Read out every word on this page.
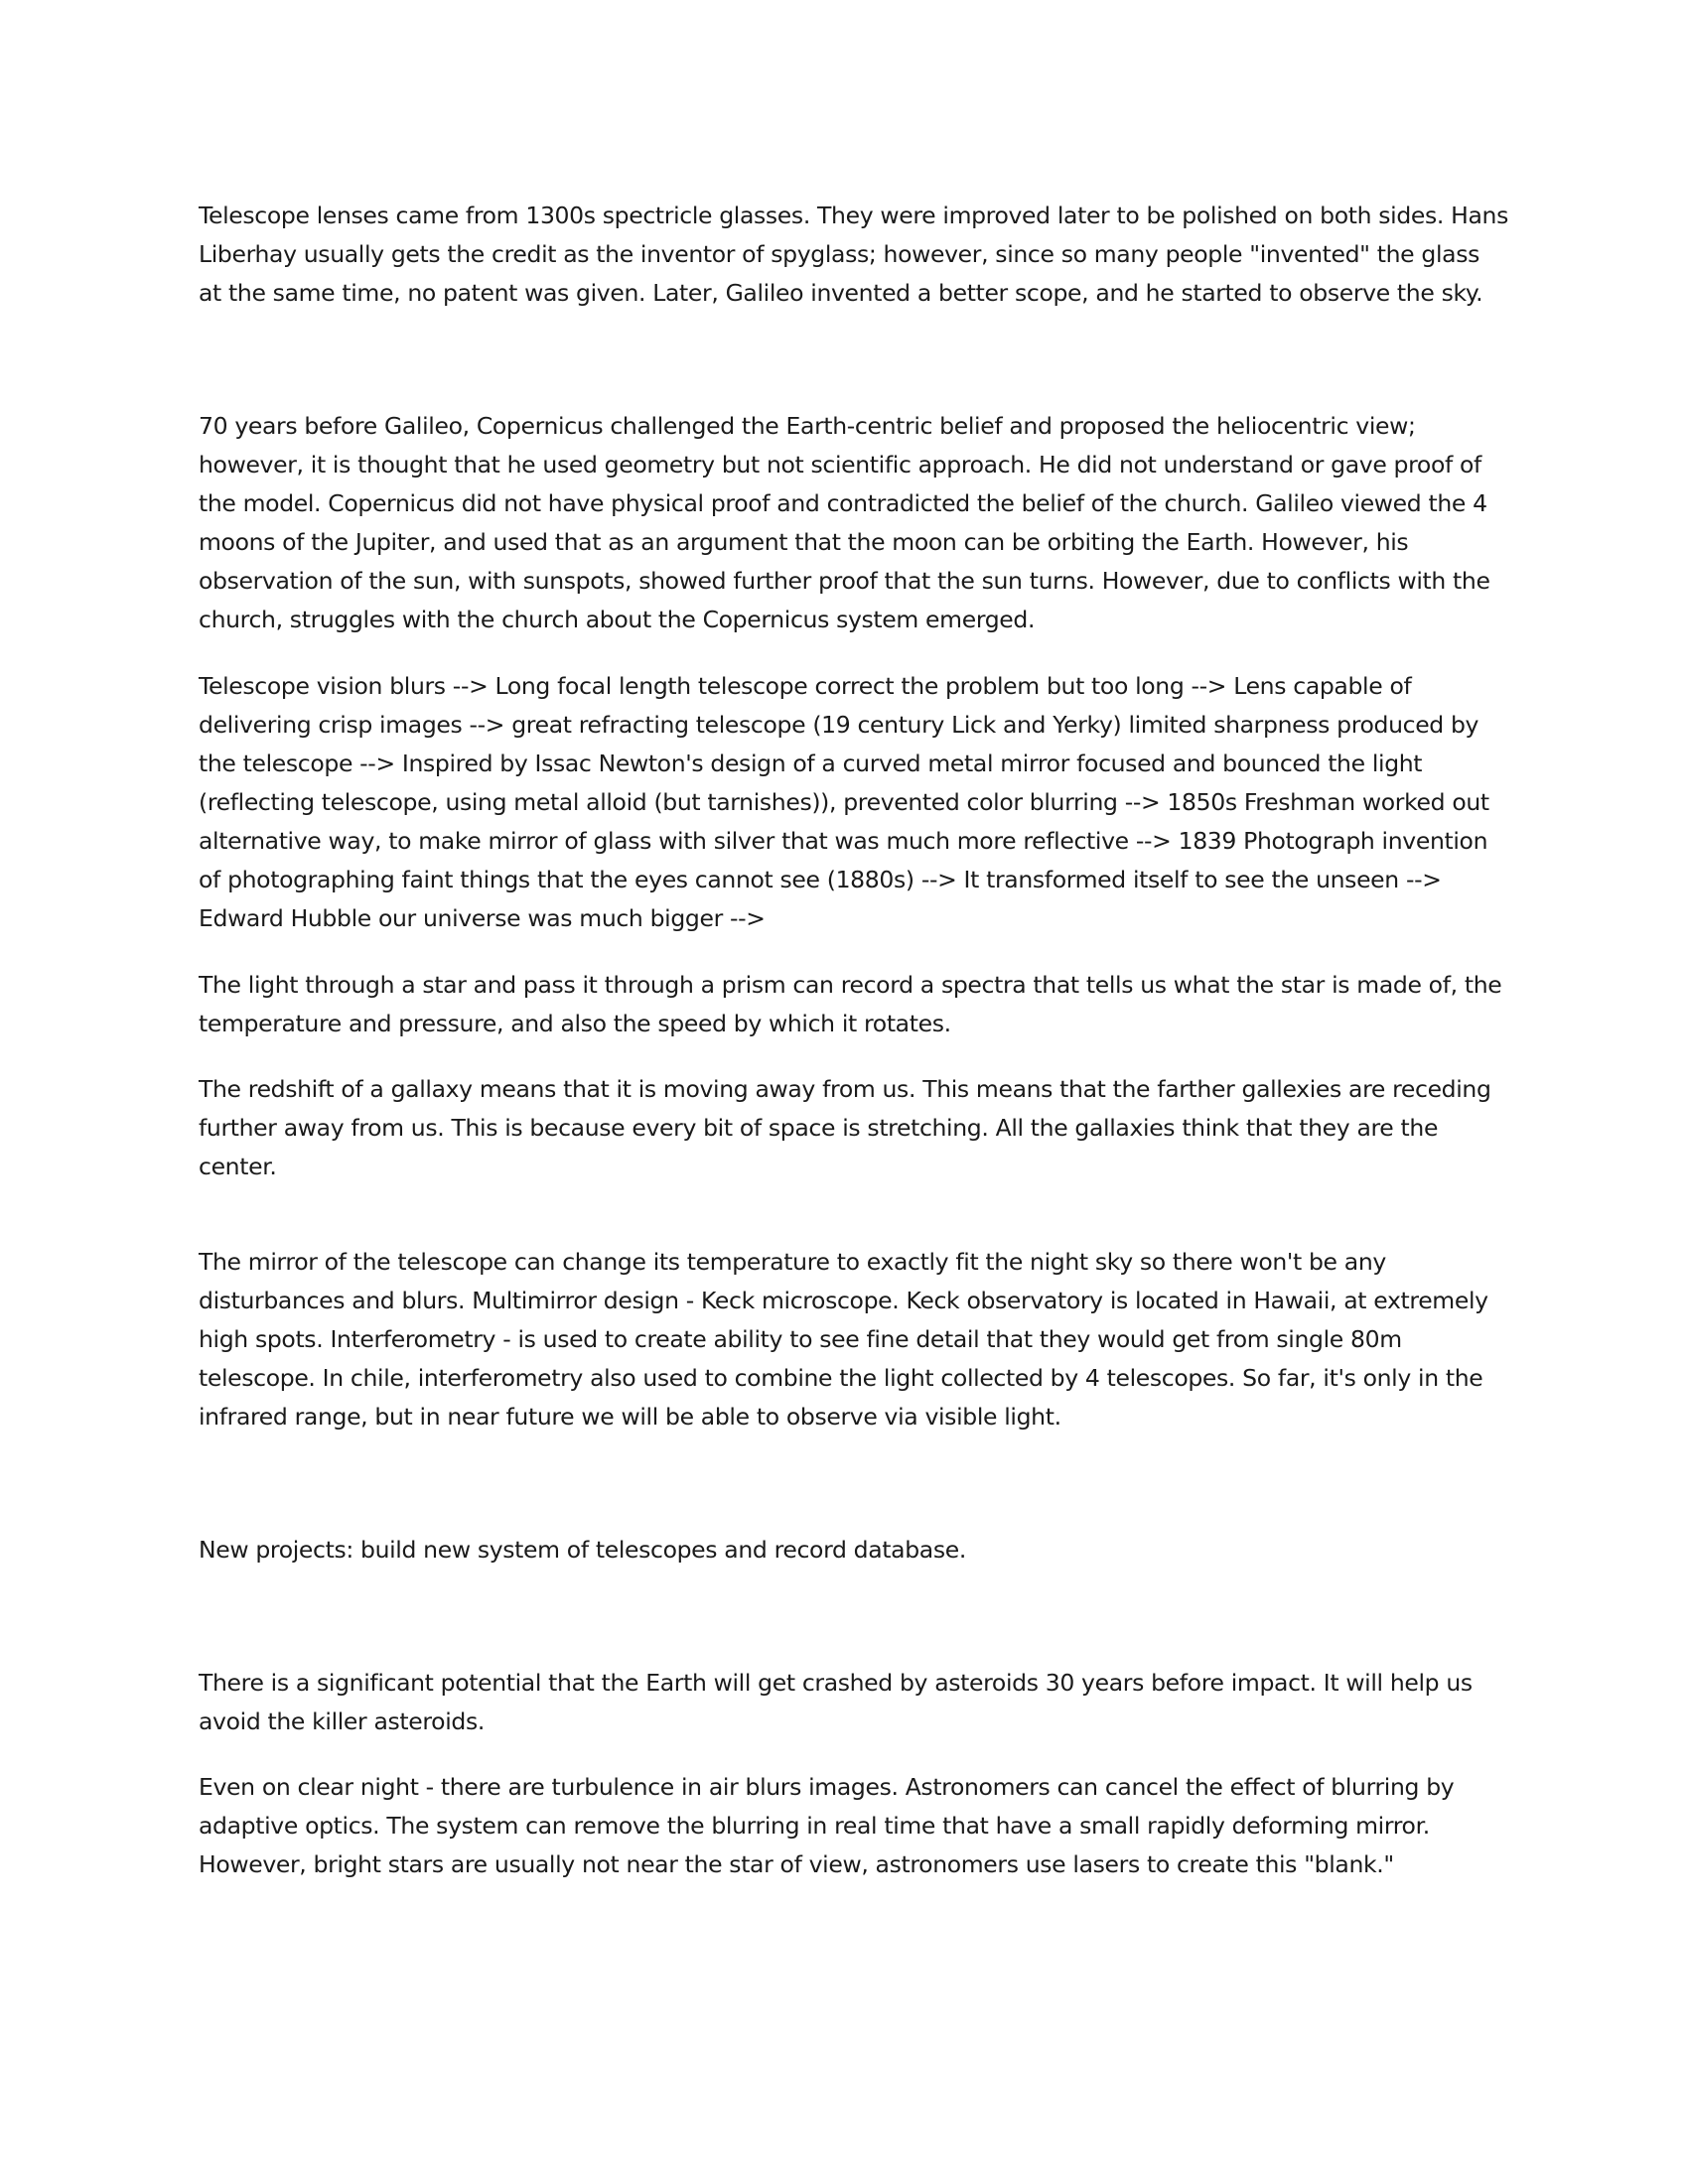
Telescope lenses came from 1300s spectricle glasses. They were improved later to be polished on both sides. Hans Liberhay usually gets the credit as the inventor of spyglass; however, since so many people "invented" the glass at the same time, no patent was given. Later, Galileo invented a better scope, and he started to observe the sky.

70 years before Galileo, Copernicus challenged the Earth-centric belief and proposed the heliocentric view; however, it is thought that he used geometry but not scientific approach. He did not understand or gave proof of the model. Copernicus did not have physical proof and contradicted the belief of the church. Galileo viewed the 4 moons of the Jupiter, and used that as an argument that the moon can be orbiting the Earth. However, his observation of the sun, with sunspots, showed further proof that the sun turns. However, due to conflicts with the church, struggles with the church about the Copernicus system emerged.

Telescope vision blurs --> Long focal length telescope correct the problem but too long --> Lens capable of delivering crisp images --> great refracting telescope (19 century Lick and Yerky) limited sharpness produced by the telescope --> Inspired by Issac Newton's design of a curved metal mirror focused and bounced the light (reflecting telescope, using metal alloid (but tarnishes)), prevented color blurring --> 1850s Freshman worked out alternative way, to make mirror of glass with silver that was much more reflective --> 1839 Photograph invention of photographing faint things that the eyes cannot see (1880s) --> It transformed itself to see the unseen --> Edward Hubble our universe was much bigger -->

The light through a star and pass it through a prism can record a spectra that tells us what the star is made of, the temperature and pressure, and also the speed by which it rotates.

The redshift of a gallaxy means that it is moving away from us. This means that the farther gallexies are receding further away from us. This is because every bit of space is stretching. All the gallaxies think that they are the center.

The mirror of the telescope can change its temperature to exactly fit the night sky so there won't be any disturbances and blurs. Multimirror design - Keck microscope. Keck observatory is located in Hawaii, at extremely high spots. Interferometry - is used to create ability to see fine detail that they would get from single 80m telescope. In chile, interferometry also used to combine the light collected by 4 telescopes. So far, it's only in the infrared range, but in near future we will be able to observe via visible light.

New projects: build new system of telescopes and record database.

There is a significant potential that the Earth will get crashed by asteroids 30 years before impact. It will help us avoid the killer asteroids.

Even on clear night - there are turbulence in air blurs images. Astronomers can cancel the effect of blurring by adaptive optics. The system can remove the blurring in real time that have a small rapidly deforming mirror. However, bright stars are usually not near the star of view, astronomers use lasers to create this "blank."
